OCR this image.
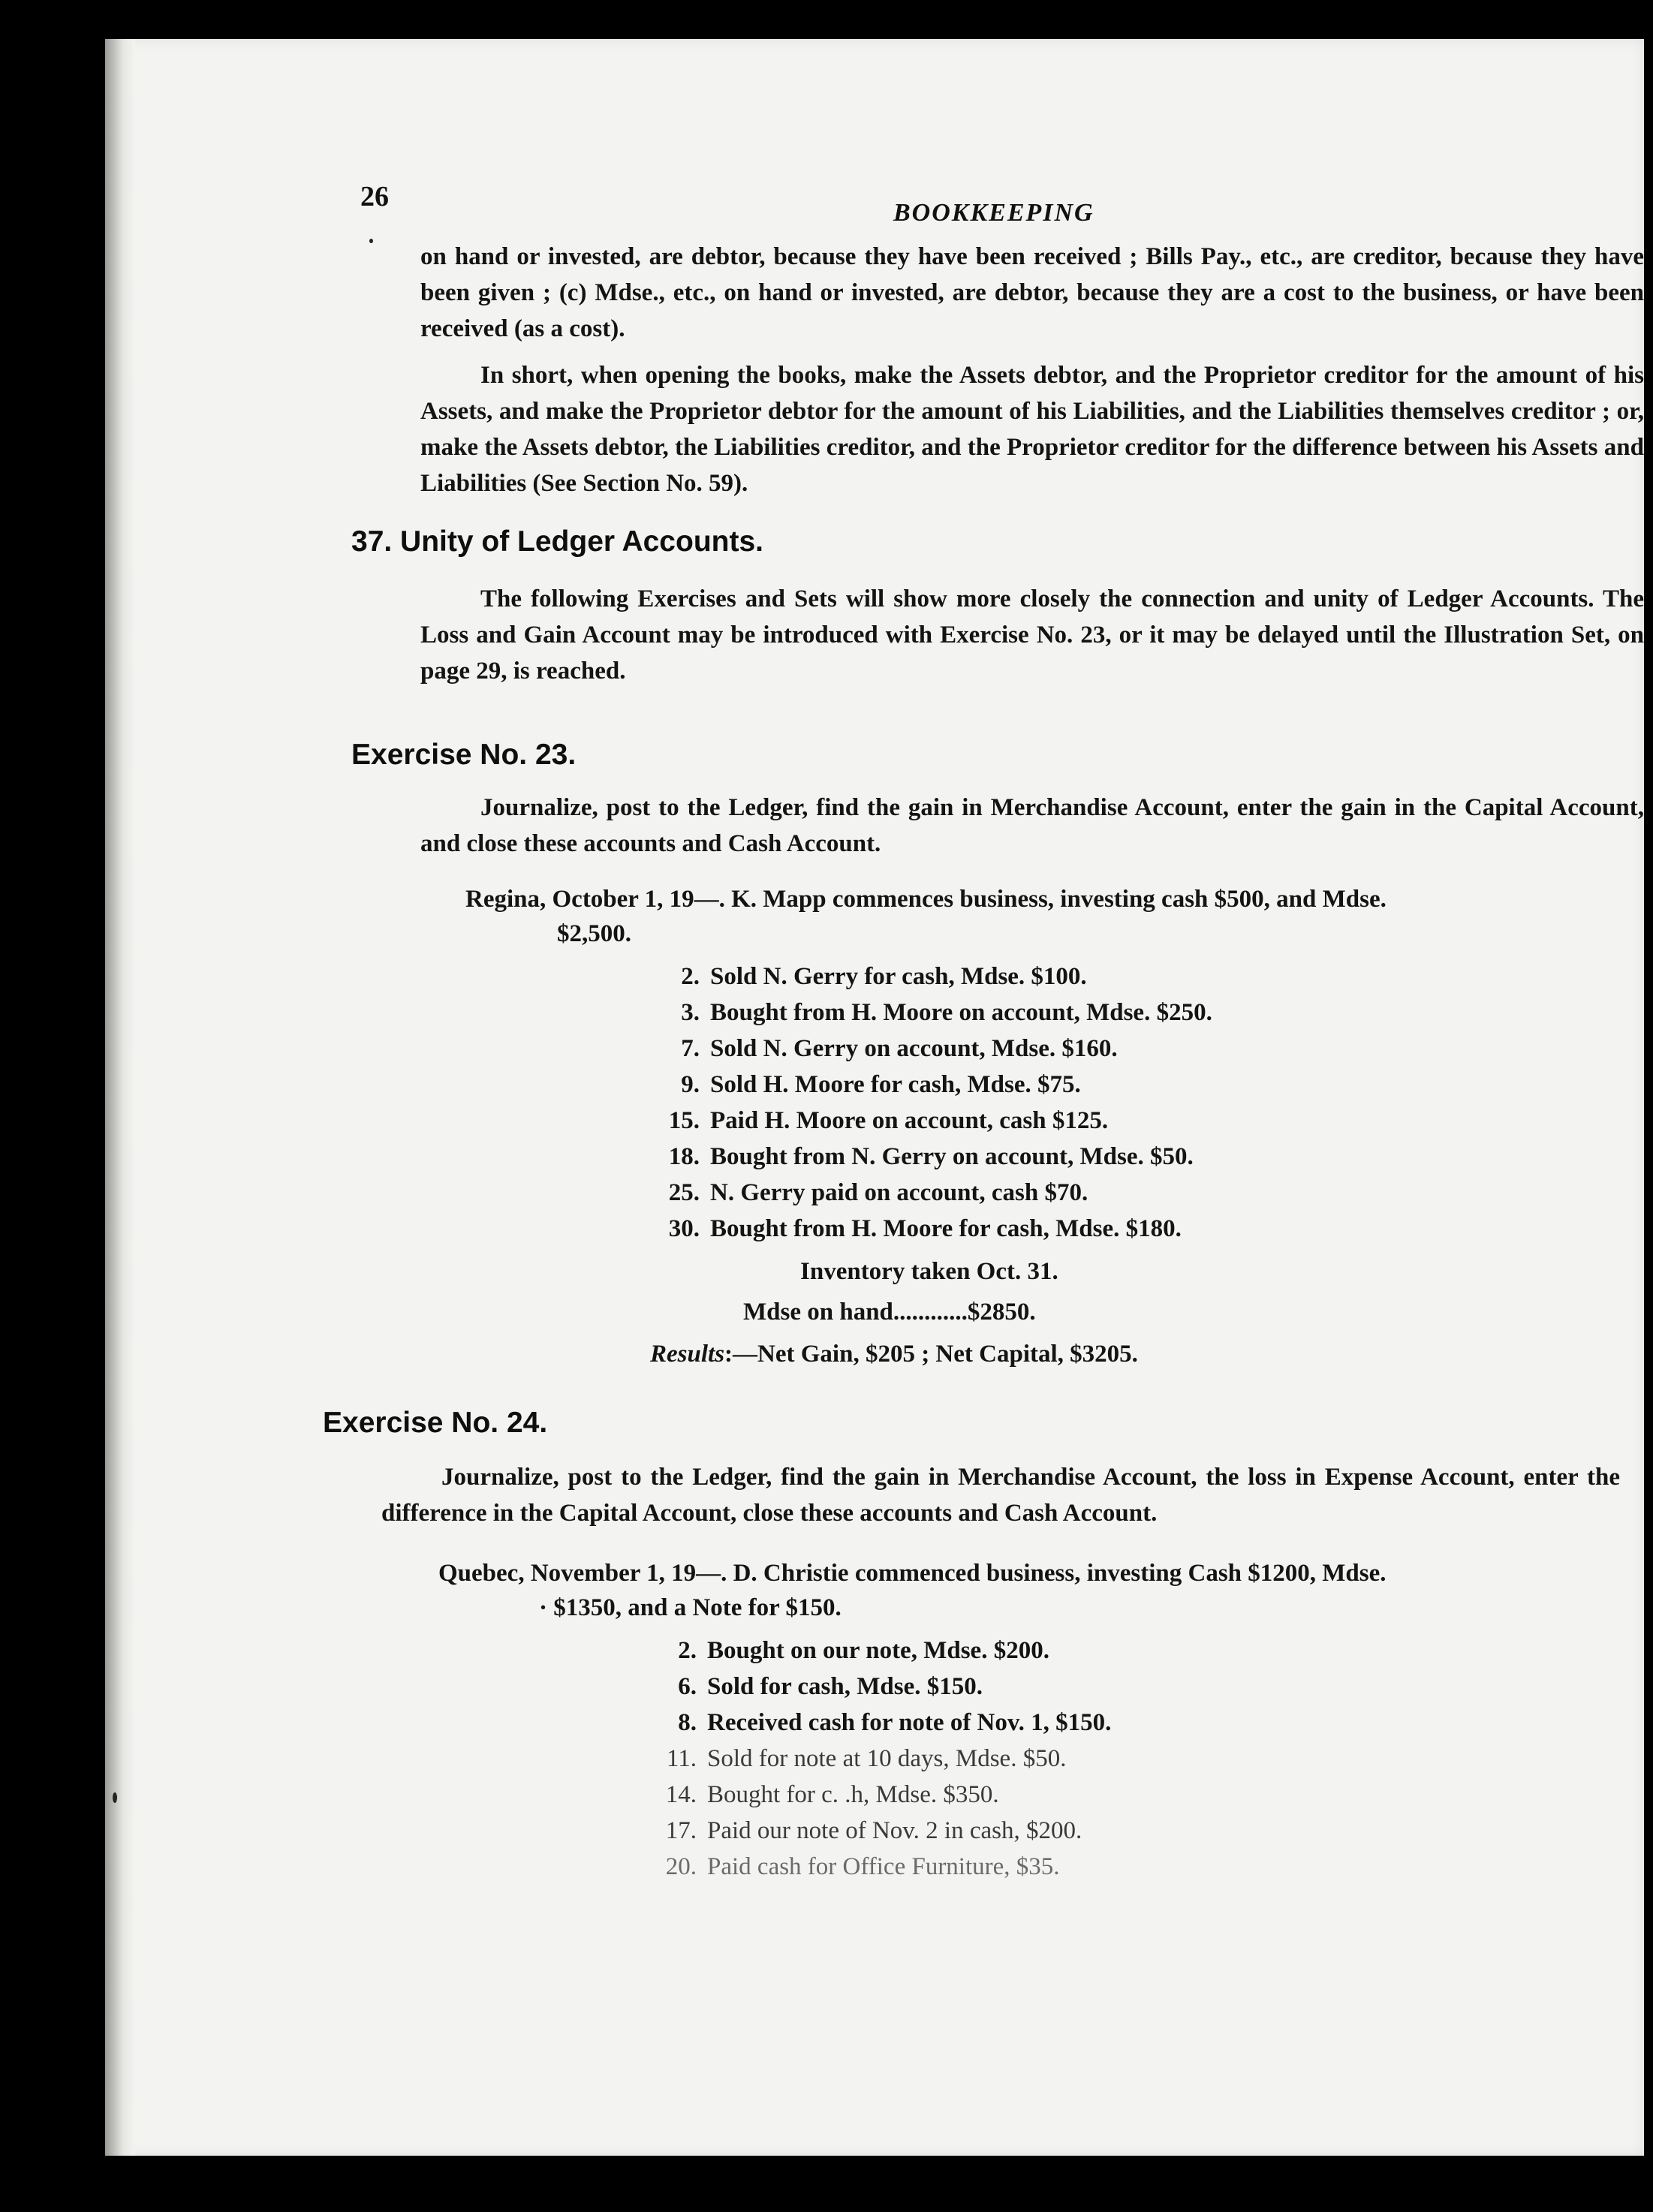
26
BOOKKEEPING

on hand or invested, are debtor, because they have been received ; Bills Pay., etc., are creditor, because they have been given ; (c) Mdse., etc., on hand or invested, are debtor, because they are a cost to the business, or have been received (as a cost).

In short, when opening the books, make the Assets debtor, and the Proprietor creditor for the amount of his Assets, and make the Proprietor debtor for the amount of his Liabilities, and the Liabilities themselves creditor ; or, make the Assets debtor, the Liabilities creditor, and the Proprietor creditor for the difference between his Assets and Liabilities (See Section No. 59).

37. Unity of Ledger Accounts.

The following Exercises and Sets will show more closely the connection and unity of Ledger Accounts. The Loss and Gain Account may be introduced with Exercise No. 23, or it may be delayed until the Illustration Set, on page 29, is reached.

Exercise No. 23.

Journalize, post to the Ledger, find the gain in Merchandise Account, enter the gain in the Capital Account, and close these accounts and Cash Account.

Regina, October 1, 19—. K. Mapp commences business, investing cash $500, and Mdse.
$2,500.
2. Sold N. Gerry for cash, Mdse. $100.
3. Bought from H. Moore on account, Mdse. $250.
7. Sold N. Gerry on account, Mdse. $160.
9. Sold H. Moore for cash, Mdse. $75.
15. Paid H. Moore on account, cash $125.
18. Bought from N. Gerry on account, Mdse. $50.
25. N. Gerry paid on account, cash $70.
30. Bought from H. Moore for cash, Mdse. $180.
Inventory taken Oct. 31.
Mdse on hand............$2850.
Results:—Net Gain, $205 ; Net Capital, $3205.
Exercise No. 24.

Journalize, post to the Ledger, find the gain in Merchandise Account, the loss in Expense Account, enter the difference in the Capital Account, close these accounts and Cash Account.

Quebec, November 1, 19—. D. Christie commenced business, investing Cash $1200, Mdse.
· $1350, and a Note for $150.
2. Bought on our note, Mdse. $200.
6. Sold for cash, Mdse. $150.
8. Received cash for note of Nov. 1, $150.
11. Sold for note at 10 days, Mdse. $50.
14. Bought for c. .h, Mdse. $350.
17. Paid our note of Nov. 2 in cash, $200.
20. Paid cash for Office Furniture, $35.
